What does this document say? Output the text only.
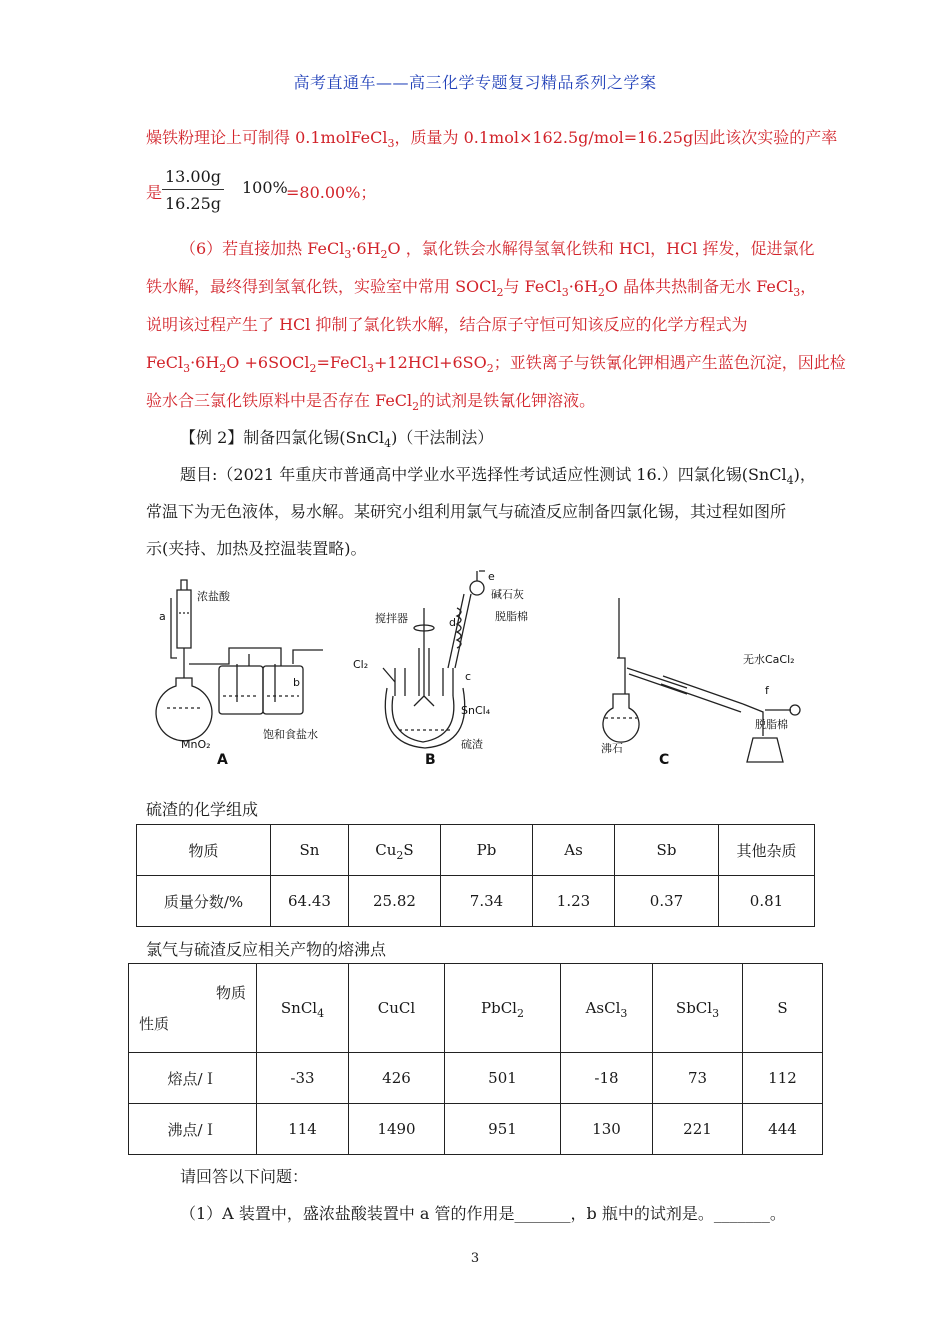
高考直通车——高三化学专题复习精品系列之学案
燥铁粉理论上可制得 0.1molFeCl$_3$，质量为 0.1mol×162.5g/mol=16.25g因此该次实验的产率
是 $\frac{13.00g}{16.25g} 100\%$
=80.00%；
（6）若直接加热 $FeCl_3\cdot 6H_2O$ ，氯化铁会水解得氢氧化铁和 HCl，HCl 挥发，促进氯化
铁水解，最终得到氢氧化铁，实验室中常用 SOCl$_2$与 $FeCl_3\cdot 6H_2O$ 晶体共热制备无水 FeCl$_3$，
说明该过程产生了 HCl 抑制了氯化铁水解，结合原子守恒可知该反应的化学方程式为
$FeCl_3\cdot 6H_2O$ $+6SOCl_2=FeCl_3+12HCl+6SO_2$；亚铁离子与铁氰化钾相遇产生蓝色沉淀，因此检
验水合三氯化铁原料中是否存在 FeCl$_2$的试剂是铁氰化钾溶液。
【例 2】制备四氯化锡(SnCl$_4$)（干法制法）
题目:（2021 年重庆市普通高中学业水平选择性考试适应性测试 16.）四氯化锡(SnCl$_4$)，
常温下为无色液体，易水解。某研究小组利用氯气与硫渣反应制备四氯化锡，其过程如图所
示(夹持、加热及控温装置略)。
a
浓盐酸
MnO₂
b
饱和食盐水
A
e
碱石灰
脱脂棉
d
搅拌器
Cl₂
c
SnCl₄
硫渣
B
无水CaCl₂
f
沸石
脱脂棉
C
硫渣的化学组成
物质	Sn	$Cu_2S$	Pb	As	Sb	其他杂质
质量分数/%	64.43	25.82	7.34	1.23	0.37	0.81
氯气与硫渣反应相关产物的熔沸点
物质
性质	SnCl$_4$	CuCl	PbCl$_2$	AsCl$_3$	SbCl$_3$	S
熔点/Ｉ	-33	426	501	-18	73	112
沸点/Ｉ	114	1490	951	130	221	444
请回答以下问题：
（1）A 装置中，盛浓盐酸装置中 a 管的作用是_______，b 瓶中的试剂是。_______。
3
